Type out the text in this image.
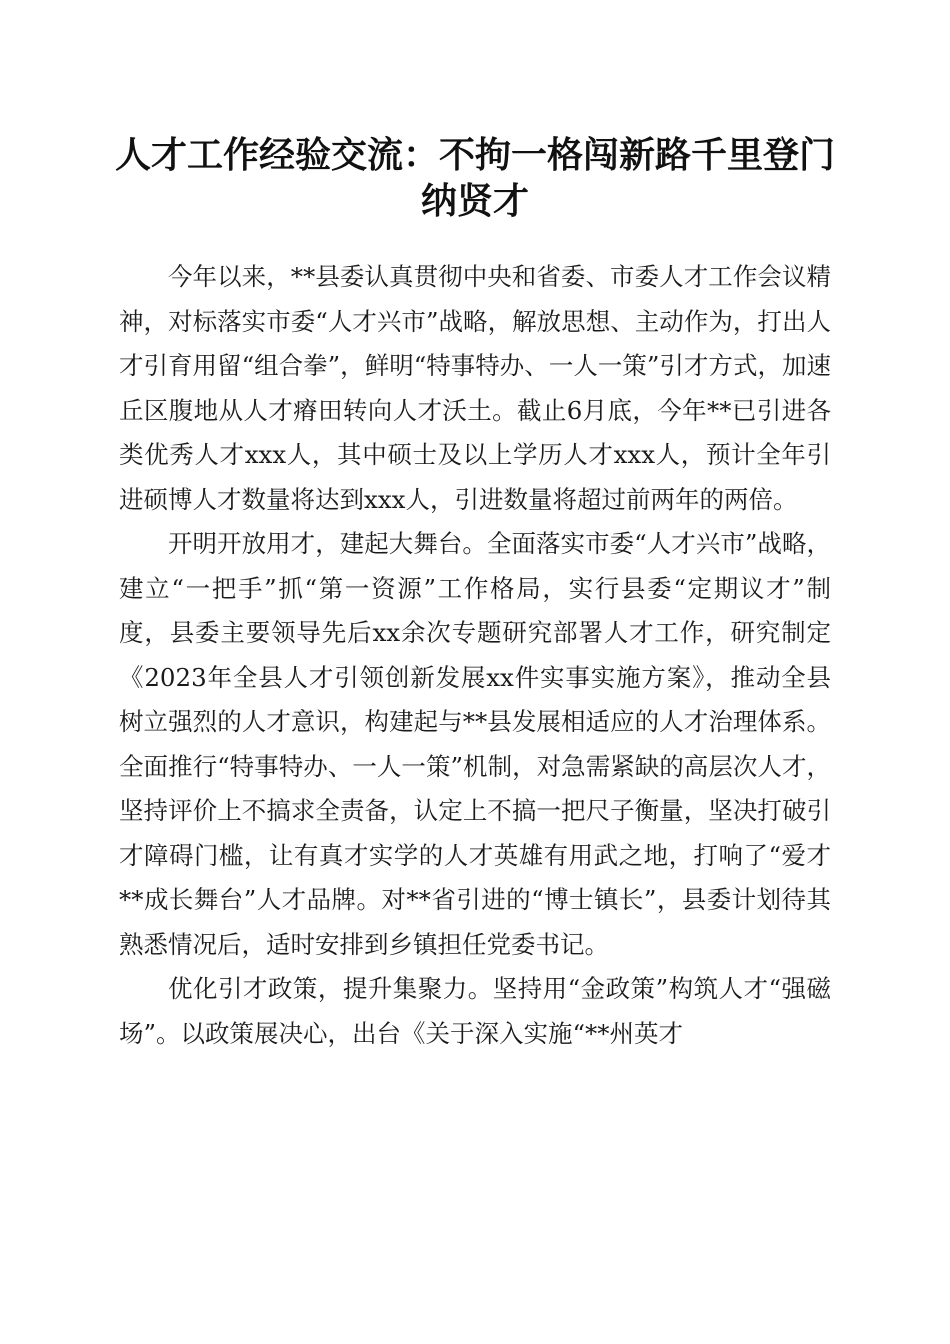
人才工作经验交流：不拘一格闯新路千里登门纳贤才

今年以来，**县委认真贯彻中央和省委、市委人才工作会议精神，对标落实市委“人才兴市”战略，解放思想、主动作为，打出人才引育用留“组合拳”，鲜明“特事特办、一人一策”引才方式，加速丘区腹地从人才瘠田转向人才沃土。截止6月底，今年**已引进各类优秀人才xxx人，其中硕士及以上学历人才xxx人，预计全年引进硕博人才数量将达到xxx人，引进数量将超过前两年的两倍。

开明开放用才，建起大舞台。全面落实市委“人才兴市”战略，建立“一把手”抓“第一资源”工作格局，实行县委“定期议才”制度，县委主要领导先后xx余次专题研究部署人才工作，研究制定《2023年全县人才引领创新发展xx件实事实施方案》，推动全县树立强烈的人才意识，构建起与**县发展相适应的人才治理体系。全面推行“特事特办、一人一策”机制，对急需紧缺的高层次人才，坚持评价上不搞求全责备，认定上不搞一把尺子衡量，坚决打破引才障碍门槛，让有真才实学的人才英雄有用武之地，打响了“爱才**成长舞台”人才品牌。对**省引进的“博士镇长”，县委计划待其熟悉情况后，适时安排到乡镇担任党委书记。

优化引才政策，提升集聚力。坚持用“金政策”构筑人才“强磁场”。以政策展决心，出台《关于深入实施“**州英才
